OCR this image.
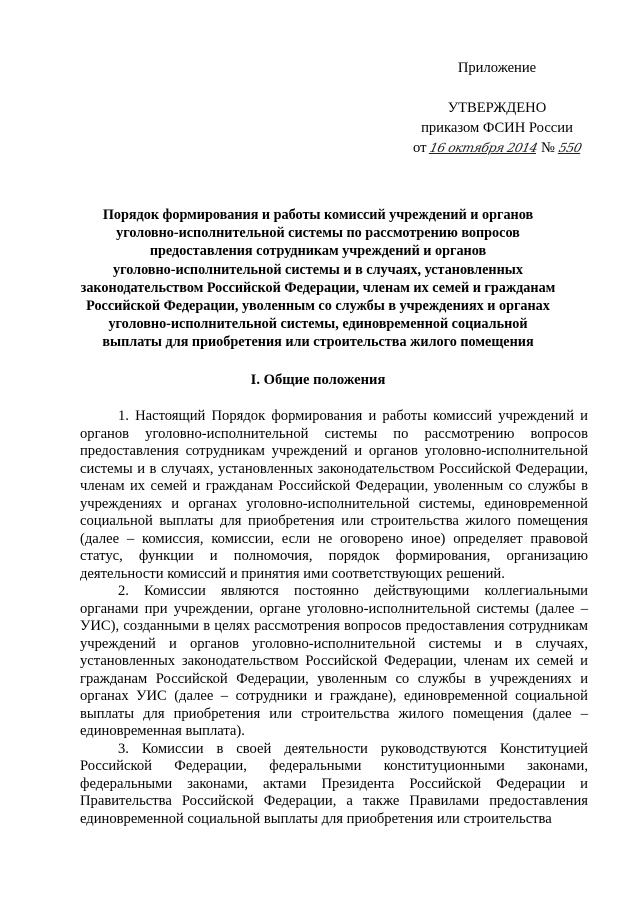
Приложение
УТВЕРЖДЕНО
приказом ФСИН России
от 16 октября 2014 № 550
Порядок формирования и работы комиссий учреждений и органов
уголовно-исполнительной системы по рассмотрению вопросов
предоставления сотрудникам учреждений и органов
уголовно-исполнительной системы и в случаях, установленных
законодательством Российской Федерации, членам их семей и гражданам
Российской Федерации, уволенным со службы в учреждениях и органах
уголовно-исполнительной системы, единовременной социальной
выплаты для приобретения или строительства жилого помещения
I. Общие положения

1. Настоящий Порядок формирования и работы комиссий учреждений и органов уголовно-исполнительной системы по рассмотрению вопросов предоставления сотрудникам учреждений и органов уголовно-исполнительной системы и в случаях, установленных законодательством Российской Федерации, членам их семей и гражданам Российской Федерации, уволенным со службы в учреждениях и органах уголовно-исполнительной системы, единовременной социальной выплаты для приобретения или строительства жилого помещения (далее – комиссия, комиссии, если не оговорено иное) определяет правовой статус, функции и полномочия, порядок формирования, организацию деятельности комиссий и принятия ими соответствующих решений.

2. Комиссии являются постоянно действующими коллегиальными органами при учреждении, органе уголовно-исполнительной системы (далее – УИС), созданными в целях рассмотрения вопросов предоставления сотрудникам учреждений и органов уголовно-исполнительной системы и в случаях, установленных законодательством Российской Федерации, членам их семей и гражданам Российской Федерации, уволенным со службы в учреждениях и органах УИС (далее – сотрудники и граждане), единовременной социальной выплаты для приобретения или строительства жилого помещения (далее – единовременная выплата).

3. Комиссии в своей деятельности руководствуются Конституцией Российской Федерации, федеральными конституционными законами, федеральными законами, актами Президента Российской Федерации и Правительства Российской Федерации, а также Правилами предоставления единовременной социальной выплаты для приобретения или строительства
